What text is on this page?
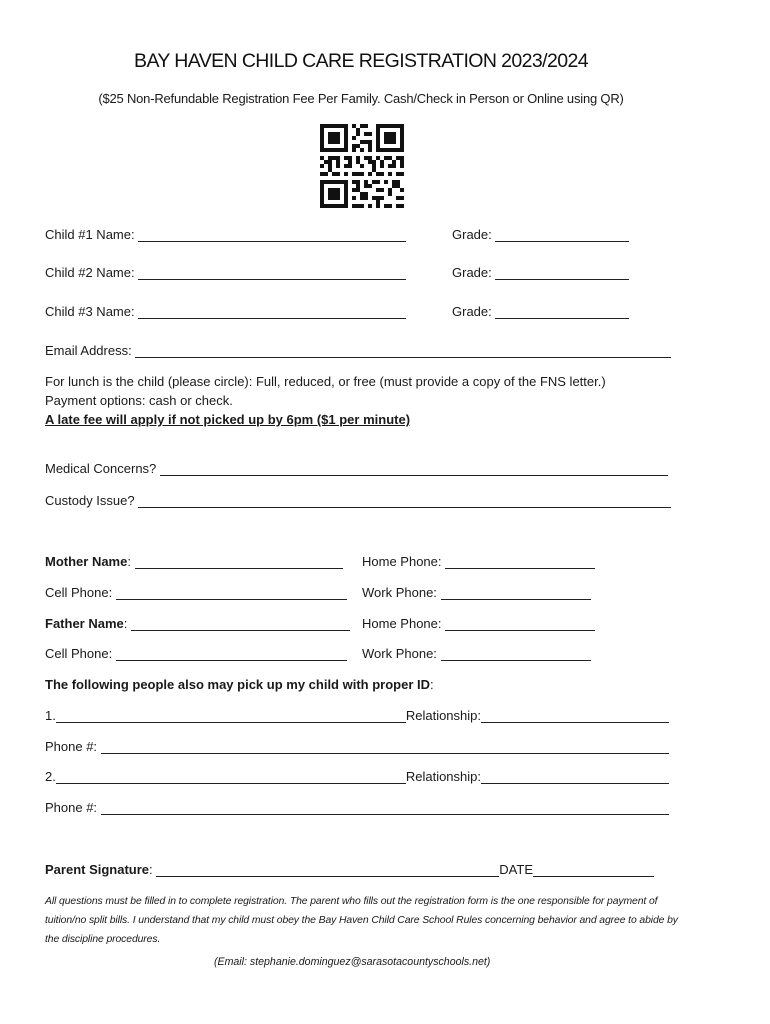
BAY HAVEN CHILD CARE REGISTRATION 2023/2024
($25 Non-Refundable Registration Fee Per Family. Cash/Check in Person or Online using QR)
Child #1 Name:	Grade:
Child #2 Name:	Grade:
Child #3 Name:	Grade:
Email Address:
For lunch is the child (please circle): Full, reduced, or free (must provide a copy of the FNS letter.)
Payment options: cash or check.
A late fee will apply if not picked up by 6pm ($1 per minute)
Medical Concerns?
Custody Issue?
Mother Name:	Home Phone:
Cell Phone:	Work Phone:
Father Name:	Home Phone:
Cell Phone:	Work Phone:
The following people also may pick up my child with proper ID:
1.	Relationship:
Phone #:
2.	Relationship:
Phone #:
Parent Signature:	DATE
All questions must be filled in to complete registration. The parent who fills out the registration form is the one responsible for payment of tuition/no split bills. I understand that my child must obey the Bay Haven Child Care School Rules concerning behavior and agree to abide by the discipline procedures.
(Email: stephanie.dominguez@sarasotacountyschools.net)
